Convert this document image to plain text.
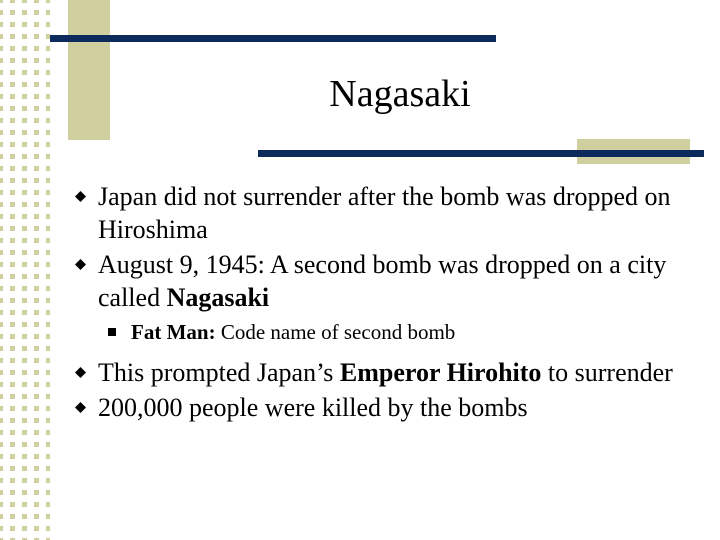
Nagasaki
Japan did not surrender after the bomb was dropped on Hiroshima
August 9, 1945: A second bomb was dropped on a city called Nagasaki
Fat Man: Code name of second bomb
This prompted Japan’s Emperor Hirohito to surrender
200,000 people were killed by the bombs
